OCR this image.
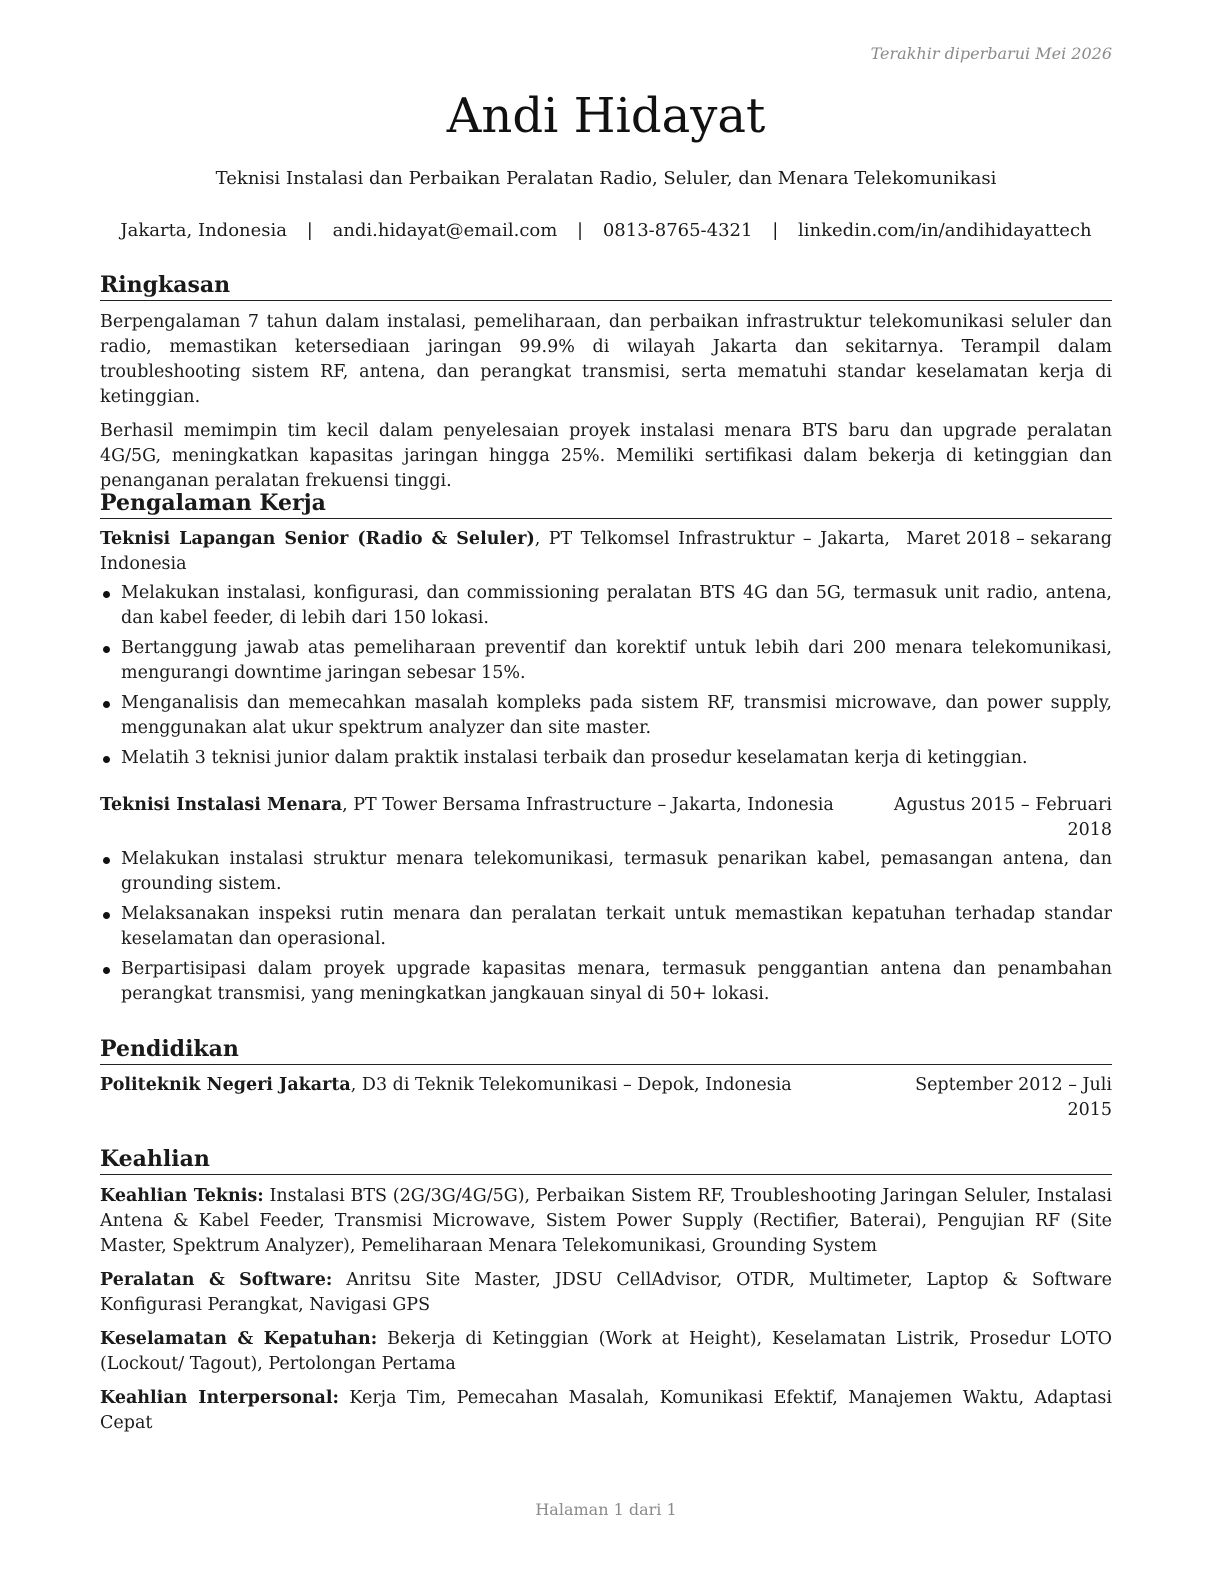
Terakhir diperbarui Mei 2026
Andi Hidayat
Teknisi Instalasi dan Perbaikan Peralatan Radio, Seluler, dan Menara Telekomunikasi
Jakarta, Indonesia | andi.hidayat@email.com | 0813-8765-4321 | linkedin.com/in/andihidayattech
Ringkasan

Berpengalaman 7 tahun dalam instalasi, pemeliharaan, dan perbaikan infrastruktur telekomunikasi seluler dan radio, memastikan ketersediaan jaringan 99.9% di wilayah Jakarta dan sekitarnya. Terampil dalam troubleshooting sistem RF, antena, dan perangkat transmisi, serta mematuhi standar keselamatan kerja di ketinggian.

Berhasil memimpin tim kecil dalam penyelesaian proyek instalasi menara BTS baru dan upgrade peralatan 4G/5G, meningkatkan kapasitas jaringan hingga 25%. Memiliki sertifikasi dalam bekerja di ketinggian dan penanganan peralatan frekuensi tinggi.

Pengalaman Kerja
Teknisi Lapangan Senior (Radio & Seluler), PT Telkomsel Infrastruktur – Jakarta, Indonesia
Maret 2018 – sekarang
Melakukan instalasi, konfigurasi, dan commissioning peralatan BTS 4G dan 5G, termasuk unit radio, antena, dan kabel feeder, di lebih dari 150 lokasi.
Bertanggung jawab atas pemeliharaan preventif dan korektif untuk lebih dari 200 menara telekomunikasi, mengurangi downtime jaringan sebesar 15%.
Menganalisis dan memecahkan masalah kompleks pada sistem RF, transmisi microwave, dan power supply, menggunakan alat ukur spektrum analyzer dan site master.
Melatih 3 teknisi junior dalam praktik instalasi terbaik dan prosedur keselamatan kerja di ketinggian.
Teknisi Instalasi Menara, PT Tower Bersama Infrastructure – Jakarta, Indonesia	Agustus 2015 – Februari 2018
Melakukan instalasi struktur menara telekomunikasi, termasuk penarikan kabel, pemasangan antena, dan grounding sistem.
Melaksanakan inspeksi rutin menara dan peralatan terkait untuk memastikan kepatuhan terhadap standar keselamatan dan operasional.
Berpartisipasi dalam proyek upgrade kapasitas menara, termasuk penggantian antena dan penambahan perangkat transmisi, yang meningkatkan jangkauan sinyal di 50+ lokasi.
Pendidikan
Politeknik Negeri Jakarta, D3 di Teknik Telekomunikasi – Depok, Indonesia	September 2012 – Juli 2015
Keahlian

Keahlian Teknis: Instalasi BTS (2G/3G/4G/5G), Perbaikan Sistem RF, Troubleshooting Jaringan Seluler, Instalasi Antena & Kabel Feeder, Transmisi Microwave, Sistem Power Supply (Rectifier, Baterai), Pengujian RF (Site Master, Spektrum Analyzer), Pemeliharaan Menara Telekomunikasi, Grounding System

Peralatan & Software: Anritsu Site Master, JDSU CellAdvisor, OTDR, Multimeter, Laptop & Software Konfigurasi Perangkat, Navigasi GPS

Keselamatan & Kepatuhan: Bekerja di Ketinggian (Work at Height), Keselamatan Listrik, Prosedur LOTO (Lockout/ Tagout), Pertolongan Pertama

Keahlian Interpersonal: Kerja Tim, Pemecahan Masalah, Komunikasi Efektif, Manajemen Waktu, Adaptasi Cepat

Halaman 1 dari 1
